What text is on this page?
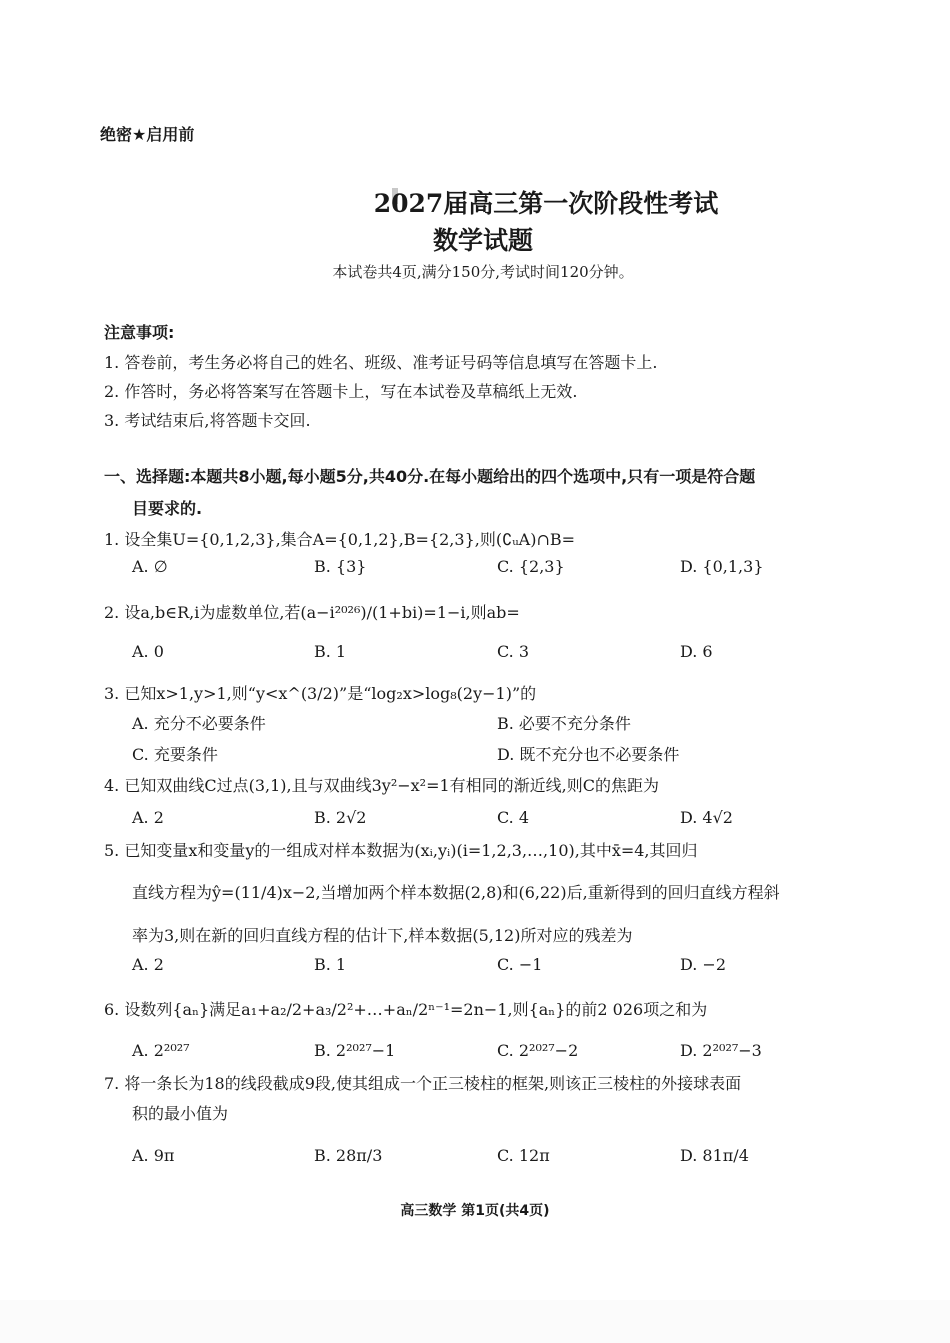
绝密★启用前
2027届高三第一次阶段性考试
数学试题
本试卷共4页,满分150分,考试时间120分钟。
注意事项:
1. 答卷前，考生务必将自己的姓名、班级、准考证号码等信息填写在答题卡上.
2. 作答时，务必将答案写在答题卡上，写在本试卷及草稿纸上无效.
3. 考试结束后,将答题卡交回.
一、选择题:本题共8小题,每小题5分,共40分.在每小题给出的四个选项中,只有一项是符合题
目要求的.
1. 设全集U={0,1,2,3},集合A={0,1,2},B={2,3},则(∁ᵤA)∩B=
A. ∅	B. {3}	C. {2,3}	D. {0,1,3}
2. 设a,b∈R,i为虚数单位,若(a−i²⁰²⁶)/(1+bi)=1−i,则ab=
A. 0	B. 1	C. 3	D. 6
3. 已知x>1,y>1,则“y<x^(3/2)”是“log₂x>log₈(2y−1)”的
A. 充分不必要条件	B. 必要不充分条件
C. 充要条件	D. 既不充分也不必要条件
4. 已知双曲线C过点(3,1),且与双曲线3y²−x²=1有相同的渐近线,则C的焦距为
A. 2	B. 2√2	C. 4	D. 4√2
5. 已知变量x和变量y的一组成对样本数据为(xᵢ,yᵢ)(i=1,2,3,…,10),其中x̄=4,其回归
直线方程为ŷ=(11/4)x−2,当增加两个样本数据(2,8)和(6,22)后,重新得到的回归直线方程斜
率为3,则在新的回归直线方程的估计下,样本数据(5,12)所对应的残差为
A. 2	B. 1	C. −1	D. −2
6. 设数列{aₙ}满足a₁+a₂/2+a₃/2²+…+aₙ/2ⁿ⁻¹=2n−1,则{aₙ}的前2 026项之和为
A. 2²⁰²⁷	B. 2²⁰²⁷−1	C. 2²⁰²⁷−2	D. 2²⁰²⁷−3
7. 将一条长为18的线段截成9段,使其组成一个正三棱柱的框架,则该正三棱柱的外接球表面
积的最小值为
A. 9π	B. 28π/3	C. 12π	D. 81π/4
高三数学 第1页(共4页)
